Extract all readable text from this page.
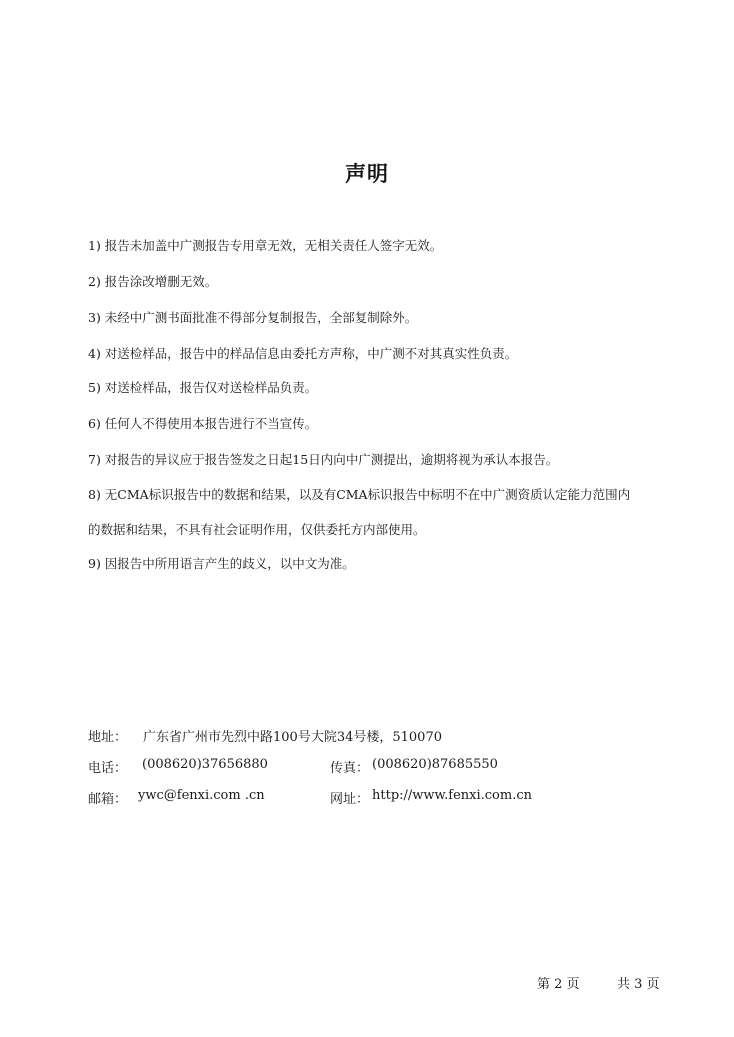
声明
1) 报告未加盖中广测报告专用章无效，无相关责任人签字无效。
2) 报告涂改增删无效。
3) 未经中广测书面批准不得部分复制报告，全部复制除外。
4) 对送检样品，报告中的样品信息由委托方声称，中广测不对其真实性负责。
5) 对送检样品，报告仅对送检样品负责。
6) 任何人不得使用本报告进行不当宣传。
7) 对报告的异议应于报告签发之日起15日内向中广测提出，逾期将视为承认本报告。
8) 无CMA标识报告中的数据和结果，以及有CMA标识报告中标明不在中广测资质认定能力范围内
的数据和结果，不具有社会证明作用，仅供委托方内部使用。
9) 因报告中所用语言产生的歧义，以中文为准。
地址： 广东省广州市先烈中路100号大院34号楼，510070
电话： (008620)37656880	传真： (008620)87685550
邮箱： ywc@fenxi.com .cn	网址： http://www.fenxi.com.cn
第 2 页	共 3 页
